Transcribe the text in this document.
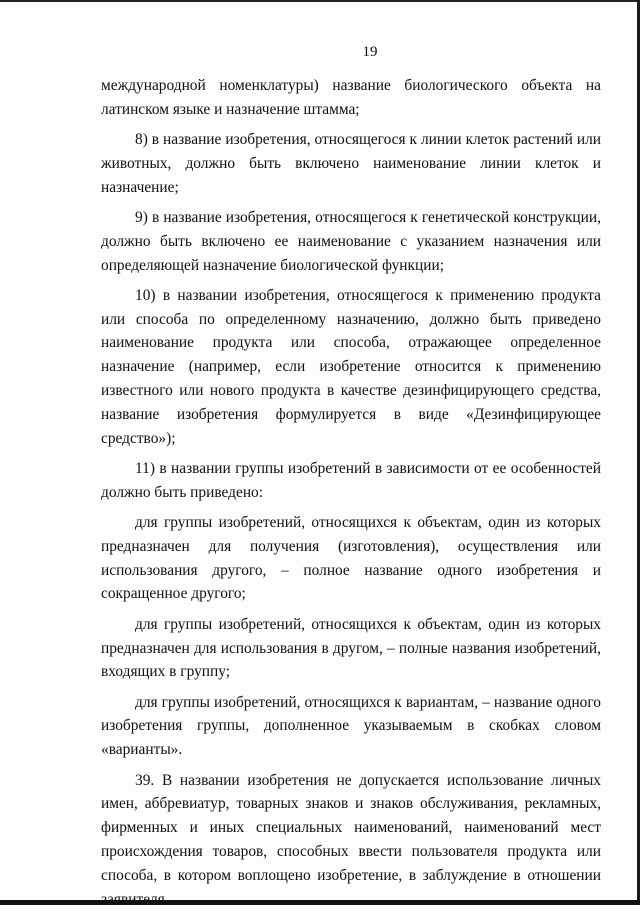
19

международной номенклатуры) название биологического объекта на латинском языке и назначение штамма;

8) в название изобретения, относящегося к линии клеток растений или животных, должно быть включено наименование линии клеток и назначение;

9) в название изобретения, относящегося к генетической конструкции, должно быть включено ее наименование с указанием назначения или определяющей назначение биологической функции;

10) в названии изобретения, относящегося к применению продукта или способа по определенному назначению, должно быть приведено наименование продукта или способа, отражающее определенное назначение (например, если изобретение относится к применению известного или нового продукта в качестве дезинфицирующего средства, название изобретения формулируется в виде «Дезинфицирующее средство»);

11) в названии группы изобретений в зависимости от ее особенностей должно быть приведено:

для группы изобретений, относящихся к объектам, один из которых предназначен для получения (изготовления), осуществления или использования другого, – полное название одного изобретения и сокращенное другого;

для группы изобретений, относящихся к объектам, один из которых предназначен для использования в другом, – полные названия изобретений, входящих в группу;

для группы изобретений, относящихся к вариантам, – название одного изобретения группы, дополненное указываемым в скобках словом «варианты».

39. В названии изобретения не допускается использование личных имен, аббревиатур, товарных знаков и знаков обслуживания, рекламных, фирменных и иных специальных наименований, наименований мест происхождения товаров, способных ввести пользователя продукта или способа, в котором воплощено изобретение, в заблуждение в отношении заявителя
